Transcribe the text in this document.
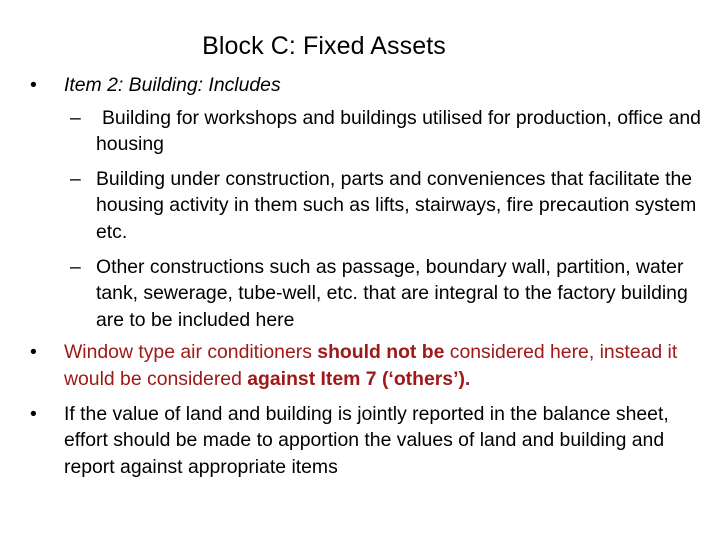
Block C: Fixed Assets
•	Item 2: Building: Includes
– Building for workshops and buildings utilised for production, office and housing
– Building under construction, parts and conveniences that facilitate the housing activity in them such as lifts, stairways, fire precaution system etc.
– Other constructions such as passage, boundary wall, partition, water tank, sewerage, tube-well, etc. that are integral to the factory building are to be included here
•	Window type air conditioners should not be considered here, instead it would be considered against Item 7 (‘others’).
•	If the value of land and building is jointly reported in the balance sheet, effort should be made to apportion the values of land and building and report against appropriate items
